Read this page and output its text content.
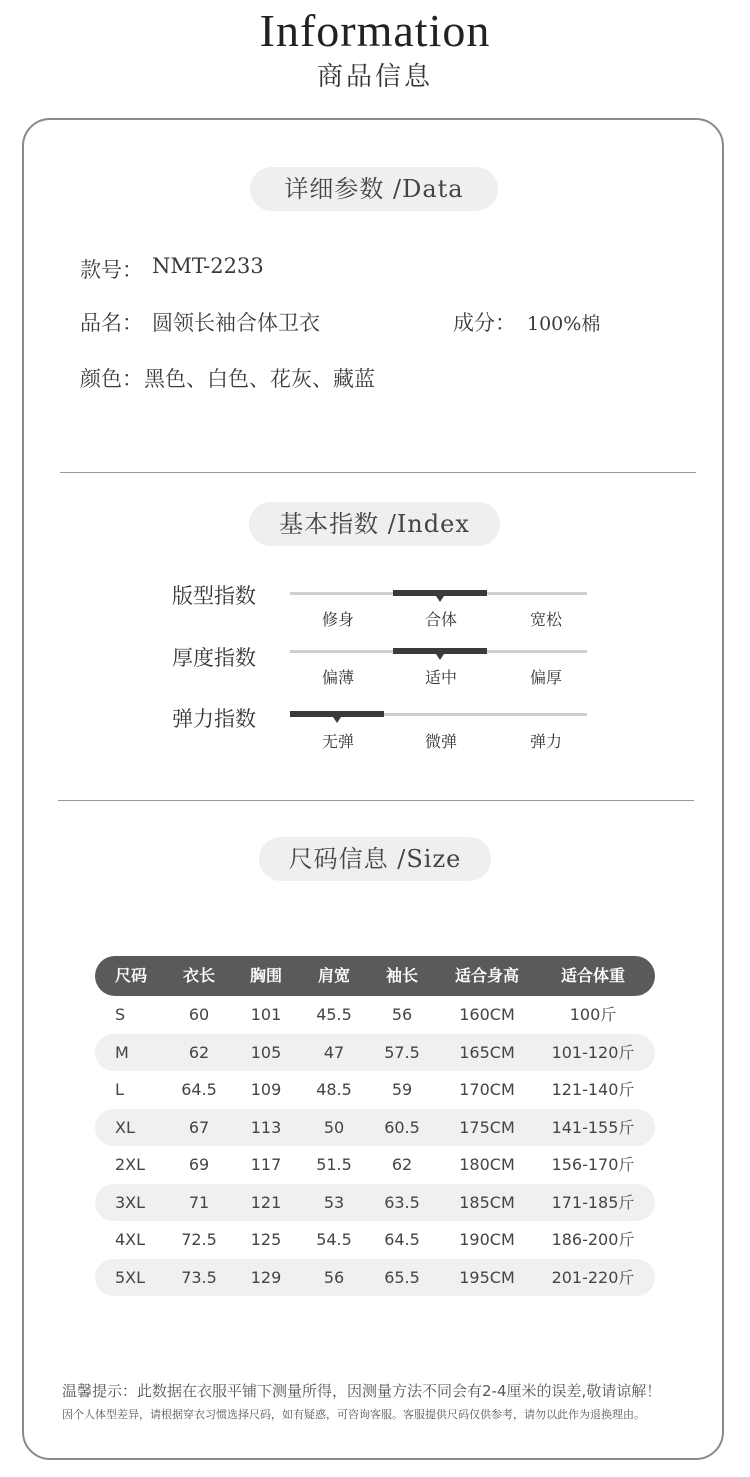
Information
商品信息
详细参数 /Data
款号： NMT-2233
品名： 圆领长袖合体卫衣	成分： 100%棉
颜色： 黑色、白色、花灰、藏蓝
基本指数 /Index
版型指数
修身	合体	宽松
厚度指数
偏薄	适中	偏厚
弹力指数
无弹	微弹	弹力
尺码信息 /Size
尺码	衣长	胸围	肩宽	袖长	适合身高	适合体重
S	60	101	45.5	56	160CM	100斤
M	62	105	47	57.5	165CM	101-120斤
L	64.5	109	48.5	59	170CM	121-140斤
XL	67	113	50	60.5	175CM	141-155斤
2XL	69	117	51.5	62	180CM	156-170斤
3XL	71	121	53	63.5	185CM	171-185斤
4XL	72.5	125	54.5	64.5	190CM	186-200斤
5XL	73.5	129	56	65.5	195CM	201-220斤
温馨提示：此数据在衣服平铺下测量所得，因测量方法不同会有2-4厘米的误差,敬请谅解！
因个人体型差异，请根据穿衣习惯选择尺码，如有疑惑，可咨询客服。客服提供尺码仅供参考，请勿以此作为退换理由。
